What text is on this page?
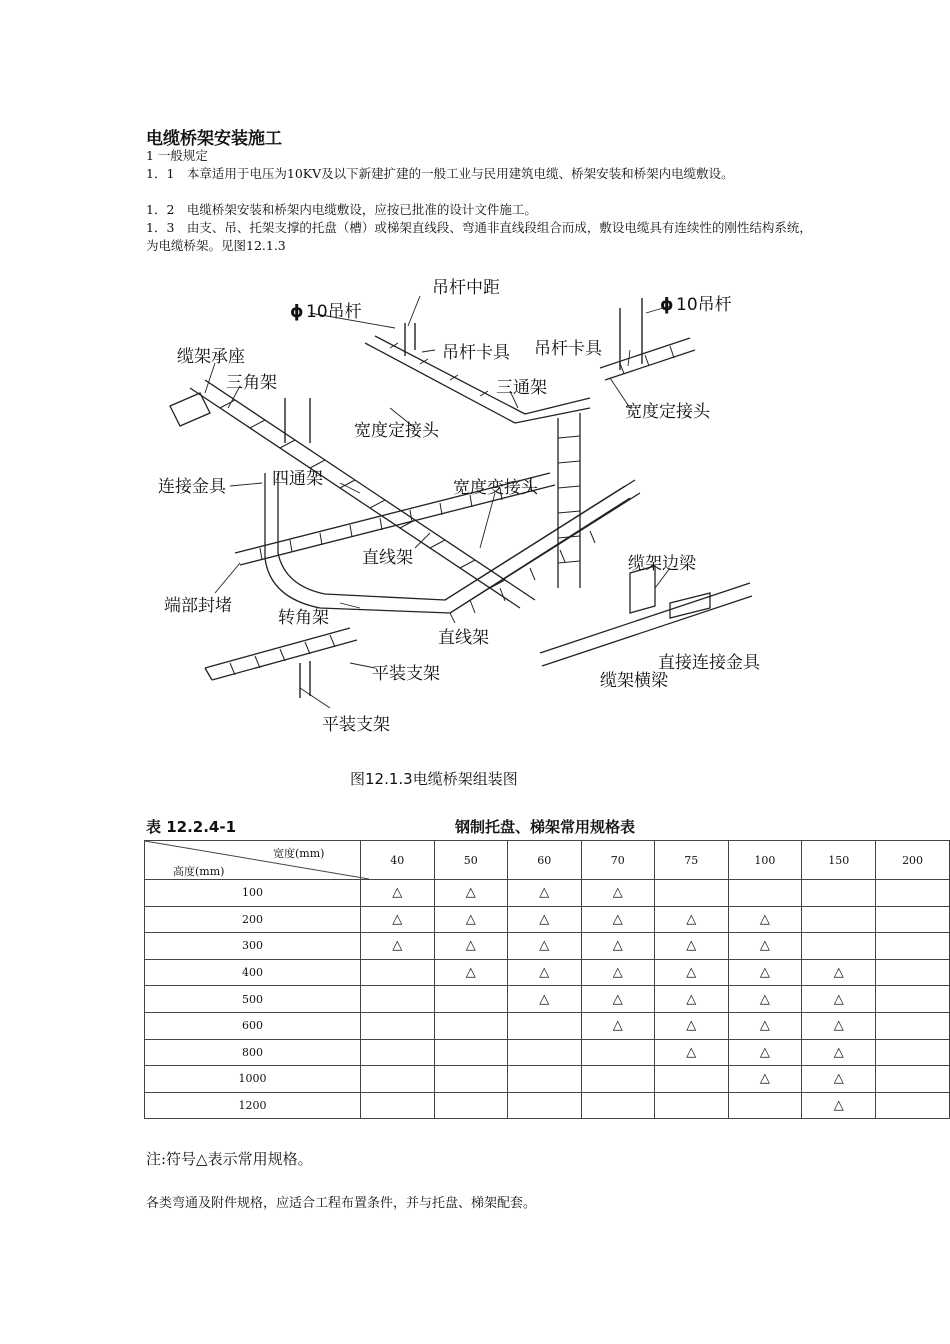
电缆桥架安装施工
1 一般规定
1．1　本章适用于电压为10KV及以下新建扩建的一般工业与民用建筑电缆、桥架安装和桥架内电缆敷设。
1．2　电缆桥架安装和桥架内电缆敷设，应按已批准的设计文件施工。
1．3　由支、吊、托架支撑的托盘（槽）或梯架直线段、弯通非直线段组合而成，敷设电缆具有连续性的刚性结构系统，为电缆桥架。见图12.1.3
吊杆中距
ϕ 10吊杆	ϕ 10吊杆
缆架承座
三角架
吊杆卡具 吊杆卡具
三通架
宽度定接头
宽度定接头
连接金具	四通架	宽度变接头
直线架
端部封堵
转角架
直线架
缆架边梁
直接连接金具
缆架横梁
平装支架
平装支架
图12.1.3电缆桥架组装图
表 12.2.4-1	钢制托盘、梯架常用规格表
宽度(mm)
高度(mm)	40	50	60	70	75	100	150	200
100	△	△	△	△				
200	△	△	△	△	△	△		
300	△	△	△	△	△	△		
400		△	△	△	△	△	△	
500			△	△	△	△	△	
600				△	△	△	△	
800					△	△	△	
1000						△	△	
1200							△	
注:符号△表示常用规格。
各类弯通及附件规格，应适合工程布置条件，并与托盘、梯架配套。
